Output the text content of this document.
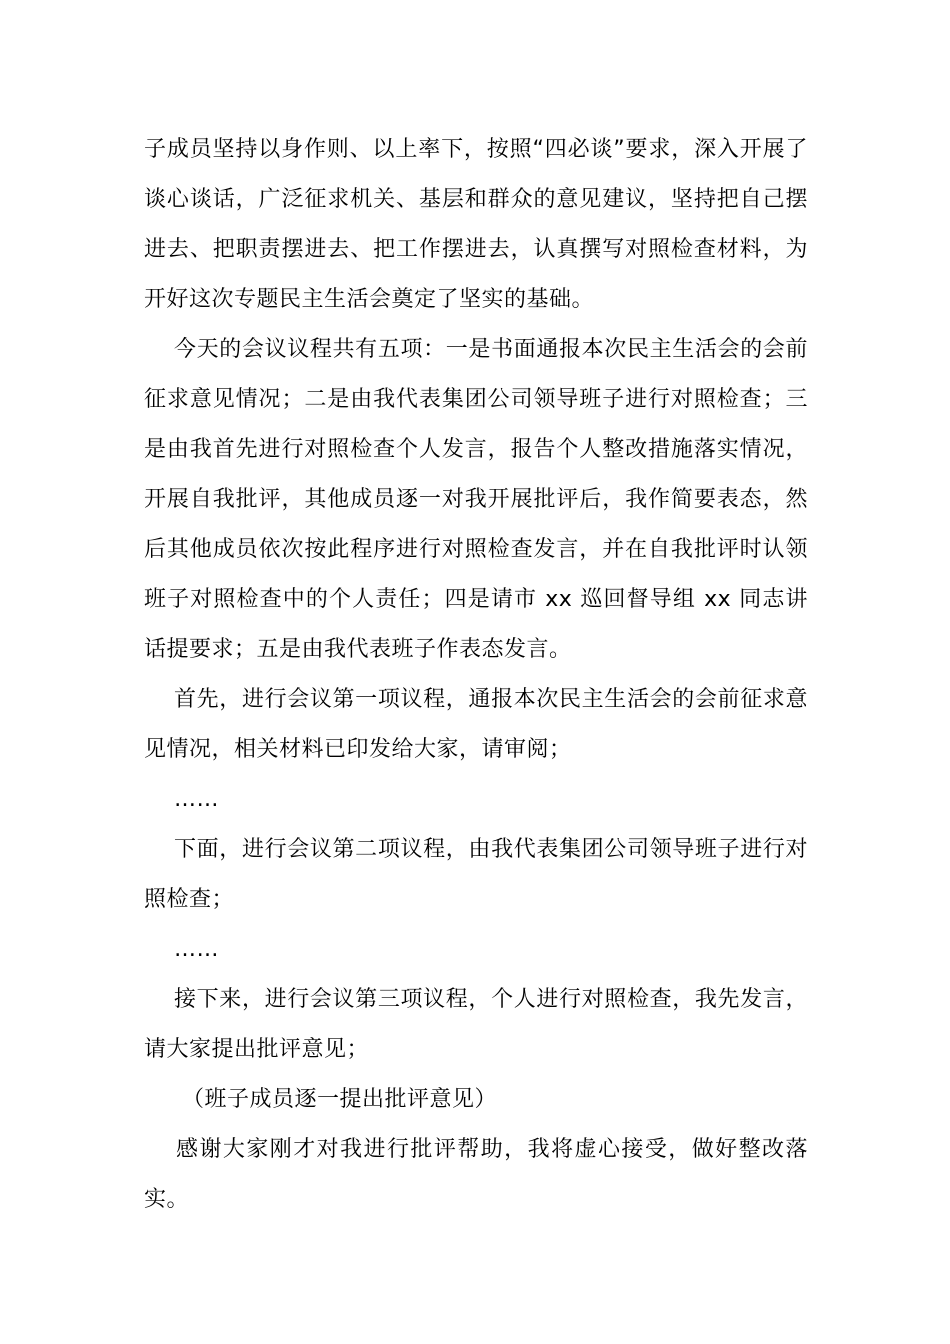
子成员坚持以身作则、以上率下，按照“四必谈”要求，深入开展了谈心谈话，广泛征求机关、基层和群众的意见建议，坚持把自己摆进去、把职责摆进去、把工作摆进去，认真撰写对照检查材料，为开好这次专题民主生活会奠定了坚实的基础。

今天的会议议程共有五项：一是书面通报本次民主生活会的会前征求意见情况；二是由我代表集团公司领导班子进行对照检查；三是由我首先进行对照检查个人发言，报告个人整改措施落实情况，开展自我批评，其他成员逐一对我开展批评后，我作简要表态，然后其他成员依次按此程序进行对照检查发言，并在自我批评时认领班子对照检查中的个人责任；四是请市 xx 巡回督导组 xx 同志讲话提要求；五是由我代表班子作表态发言。

首先，进行会议第一项议程，通报本次民主生活会的会前征求意见情况，相关材料已印发给大家，请审阅；

……

下面，进行会议第二项议程，由我代表集团公司领导班子进行对照检查；

……

接下来，进行会议第三项议程，个人进行对照检查，我先发言，请大家提出批评意见；

（班子成员逐一提出批评意见）

感谢大家刚才对我进行批评帮助，我将虚心接受，做好整改落实。
